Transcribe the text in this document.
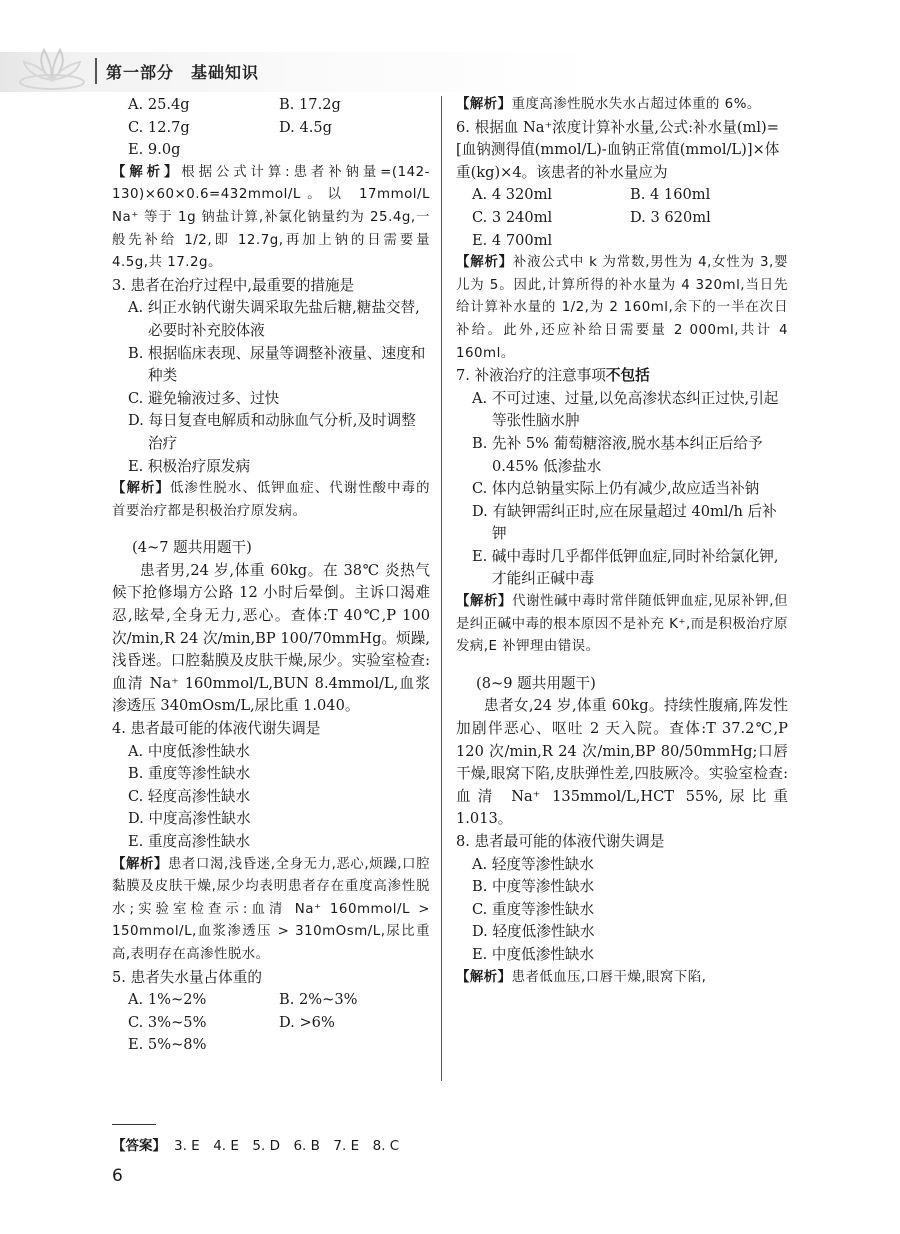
第一部分　基础知识
A. 25.4g	B. 17.2g
C. 12.7g	D. 4.5g

E. 9.0g

【解析】根据公式计算:患者补钠量=(142-130)×60×0.6=432mmol/L。以 17mmol/L Na⁺ 等于 1g 钠盐计算,补氯化钠量约为 25.4g,一般先补给 1/2,即 12.7g,再加上钠的日需要量 4.5g,共 17.2g。

3. 患者在治疗过程中,最重要的措施是

A. 纠正水钠代谢失调采取先盐后糖,糖盐交替,必要时补充胶体液

B. 根据临床表现、尿量等调整补液量、速度和种类

C. 避免输液过多、过快

D. 每日复查电解质和动脉血气分析,及时调整治疗

E. 积极治疗原发病

【解析】低渗性脱水、低钾血症、代谢性酸中毒的首要治疗都是积极治疗原发病。

(4~7 题共用题干)

患者男,24 岁,体重 60kg。在 38℃ 炎热气候下抢修塌方公路 12 小时后晕倒。主诉口渴难忍,眩晕,全身无力,恶心。查体:T 40℃,P 100 次/min,R 24 次/min,BP 100/70mmHg。烦躁,浅昏迷。口腔黏膜及皮肤干燥,尿少。实验室检查:血清 Na⁺ 160mmol/L,BUN 8.4mmol/L,血浆渗透压 340mOsm/L,尿比重 1.040。

4. 患者最可能的体液代谢失调是

A. 中度低渗性缺水

B. 重度等渗性缺水

C. 轻度高渗性缺水

D. 中度高渗性缺水

E. 重度高渗性缺水

【解析】患者口渴,浅昏迷,全身无力,恶心,烦躁,口腔黏膜及皮肤干燥,尿少均表明患者存在重度高渗性脱水;实验室检查示:血清 Na⁺ 160mmol/L > 150mmol/L,血浆渗透压 > 310mOsm/L,尿比重高,表明存在高渗性脱水。

5. 患者失水量占体重的

A. 1%~2%	B. 2%~3%
C. 3%~5%	D. >6%

E. 5%~8%

【解析】重度高渗性脱水失水占超过体重的 6%。

6. 根据血 Na⁺浓度计算补水量,公式:补水量(ml)=[血钠测得值(mmol/L)-血钠正常值(mmol/L)]×体重(kg)×4。该患者的补水量应为

A. 4 320ml	B. 4 160ml
C. 3 240ml	D. 3 620ml

E. 4 700ml

【解析】补液公式中 k 为常数,男性为 4,女性为 3,婴儿为 5。因此,计算所得的补水量为 4 320ml,当日先给计算补水量的 1/2,为 2 160ml,余下的一半在次日补给。此外,还应补给日需要量 2 000ml,共计 4 160ml。

7. 补液治疗的注意事项不包括

A. 不可过速、过量,以免高渗状态纠正过快,引起等张性脑水肿

B. 先补 5% 葡萄糖溶液,脱水基本纠正后给予 0.45% 低渗盐水

C. 体内总钠量实际上仍有减少,故应适当补钠

D. 有缺钾需纠正时,应在尿量超过 40ml/h 后补钾

E. 碱中毒时几乎都伴低钾血症,同时补给氯化钾,才能纠正碱中毒

【解析】代谢性碱中毒时常伴随低钾血症,见尿补钾,但是纠正碱中毒的根本原因不是补充 K⁺,而是积极治疗原发病,E 补钾理由错误。

(8~9 题共用题干)

患者女,24 岁,体重 60kg。持续性腹痛,阵发性加剧伴恶心、呕吐 2 天入院。查体:T 37.2℃,P 120 次/min,R 24 次/min,BP 80/50mmHg;口唇干燥,眼窝下陷,皮肤弹性差,四肢厥冷。实验室检查:血清 Na⁺ 135mmol/L,HCT 55%,尿比重 1.013。

8. 患者最可能的体液代谢失调是

A. 轻度等渗性缺水

B. 中度等渗性缺水

C. 重度等渗性缺水

D. 轻度低渗性缺水

E. 中度低渗性缺水

【解析】患者低血压,口唇干燥,眼窝下陷,

【答案】 3. E　4. E　5. D　6. B　7. E　8. C
6
